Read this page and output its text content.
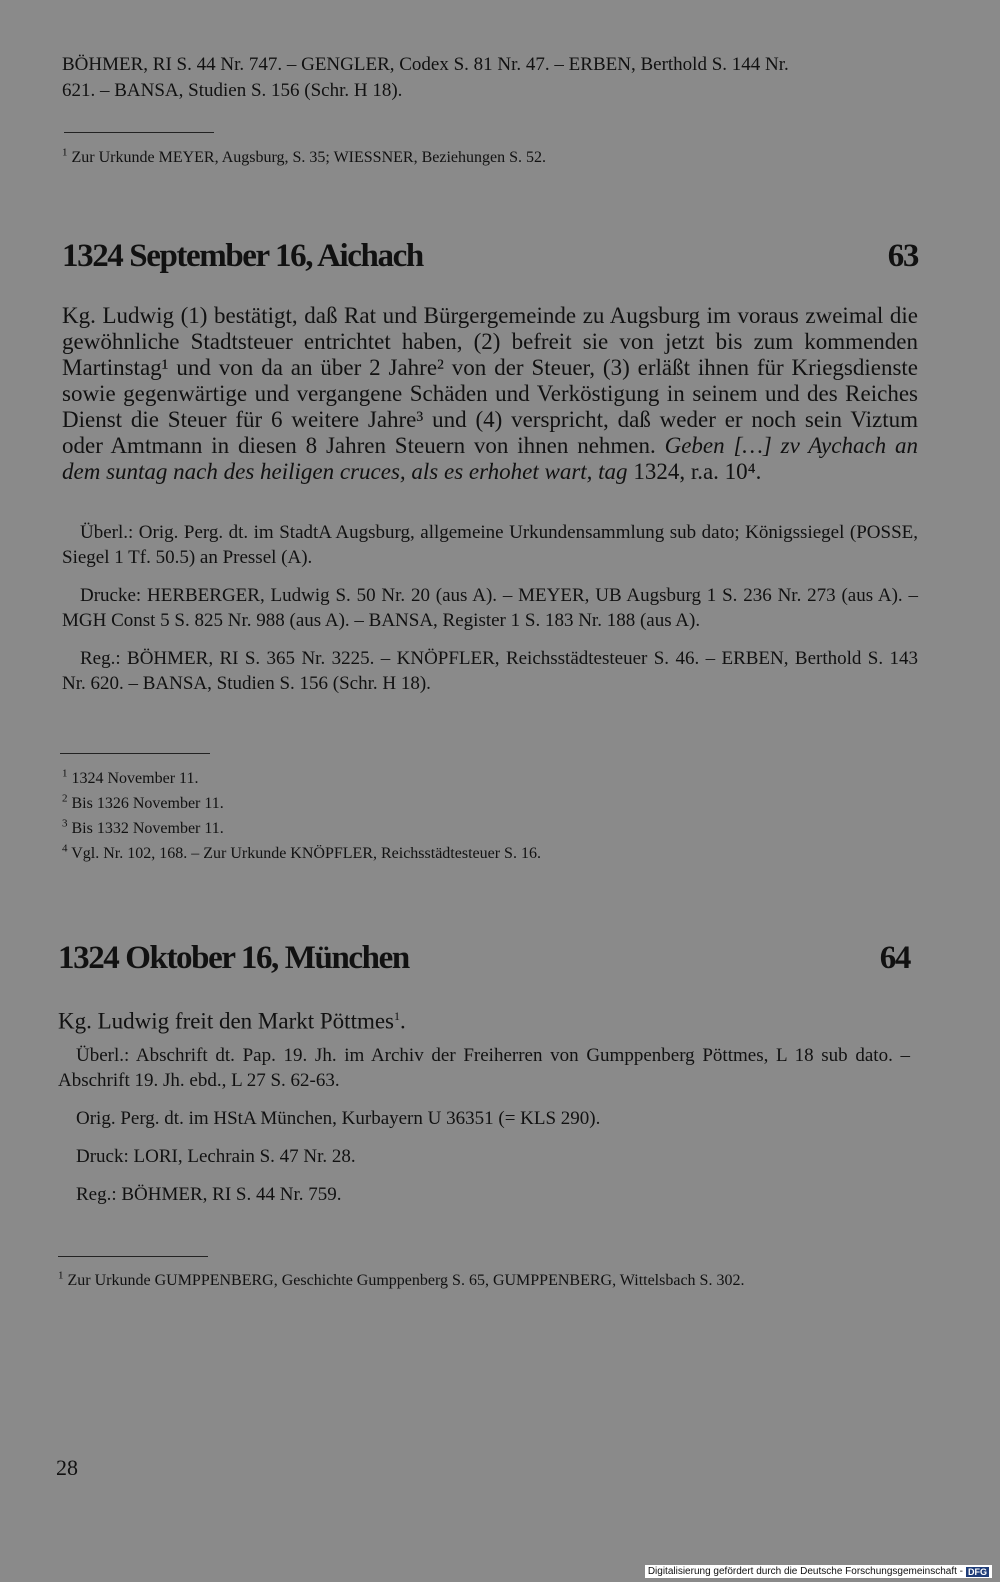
BÖHMER, RI S. 44 Nr. 747. – GENGLER, Codex S. 81 Nr. 47. – ERBEN, Berthold S. 144 Nr.

621. – BANSA, Studien S. 156 (Schr. H 18).

$^1$ Zur Urkunde MEYER, Augsburg, S. 35; WIESSNER, Beziehungen S. 52.

1324 September 16, Aichach	63

Kg. Ludwig (1) bestätigt, daß Rat und Bürgergemeinde zu Augsburg im voraus zweimal die gewöhnliche Stadtsteuer entrichtet haben, (2) befreit sie von jetzt bis zum kommenden Martinstag¹ und von da an über 2 Jahre² von der Steuer, (3) erläßt ihnen für Kriegsdienste sowie gegenwärtige und vergangene Schäden und Verköstigung in seinem und des Reiches Dienst die Steuer für 6 weitere Jahre³ und (4) verspricht, daß weder er noch sein Viztum oder Amtmann in diesen 8 Jahren Steuern von ihnen nehmen. Geben […] zv Aychach an dem suntag nach des heiligen cruces, als es erhohet wart, tag 1324, r.a. 10⁴.

Überl.: Orig. Perg. dt. im StadtA Augsburg, allgemeine Urkundensammlung sub dato; Königssiegel (POSSE, Siegel 1 Tf. 50.5) an Pressel (A).

Drucke: HERBERGER, Ludwig S. 50 Nr. 20 (aus A). – MEYER, UB Augsburg 1 S. 236 Nr. 273 (aus A). – MGH Const 5 S. 825 Nr. 988 (aus A). – BANSA, Register 1 S. 183 Nr. 188 (aus A).

Reg.: BÖHMER, RI S. 365 Nr. 3225. – KNÖPFLER, Reichsstädtesteuer S. 46. – ERBEN, Berthold S. 143 Nr. 620. – BANSA, Studien S. 156 (Schr. H 18).

$^1$ 1324 November 11.

$^2$ Bis 1326 November 11.

$^3$ Bis 1332 November 11.

$^4$ Vgl. Nr. 102, 168. – Zur Urkunde KNÖPFLER, Reichsstädtesteuer S. 16.

1324 Oktober 16, München	64

Kg. Ludwig freit den Markt Pöttmes$^1$.

Überl.: Abschrift dt. Pap. 19. Jh. im Archiv der Freiherren von Gumppenberg Pöttmes, L 18 sub dato. – Abschrift 19. Jh. ebd., L 27 S. 62-63.

Orig. Perg. dt. im HStA München, Kurbayern U 36351 (= KLS 290).

Druck: LORI, Lechrain S. 47 Nr. 28.

Reg.: BÖHMER, RI S. 44 Nr. 759.

$^1$ Zur Urkunde GUMPPENBERG, Geschichte Gumppenberg S. 65, GUMPPENBERG, Wittelsbach S. 302.

28
Digitalisierung gefördert durch die Deutsche Forschungsgemeinschaft - DFG
